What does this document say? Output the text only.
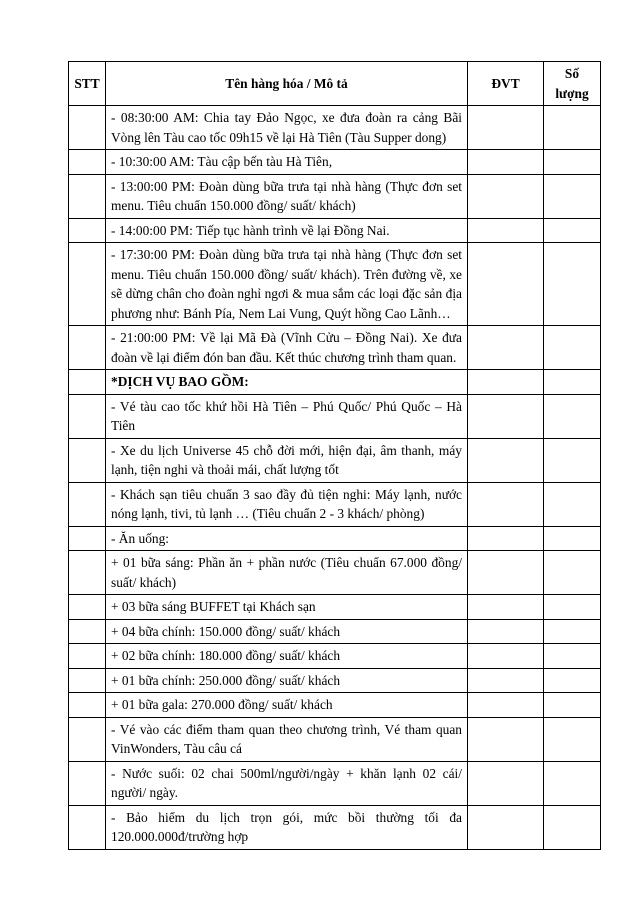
STT	Tên hàng hóa / Mô tả	ĐVT	Số lượng
	- 08:30:00 AM: Chia tay Đảo Ngọc, xe đưa đoàn ra cảng Bãi Vòng lên Tàu cao tốc 09h15 về lại Hà Tiên (Tàu Supper dong)		
	- 10:30:00 AM: Tàu cập bến tàu Hà Tiên,		
	- 13:00:00 PM: Đoàn dùng bữa trưa tại nhà hàng (Thực đơn set menu. Tiêu chuẩn 150.000 đồng/ suất/ khách)		
	- 14:00:00 PM: Tiếp tục hành trình về lại Đồng Nai.		
	- 17:30:00 PM: Đoàn dùng bữa trưa tại nhà hàng (Thực đơn set menu. Tiêu chuẩn 150.000 đồng/ suất/ khách). Trên đường về, xe sẽ dừng chân cho đoàn nghỉ ngơi & mua sắm các loại đặc sản địa phương như: Bánh Pía, Nem Lai Vung, Quýt hồng Cao Lãnh…		
	- 21:00:00 PM: Về lại Mã Đà (Vĩnh Cửu – Đồng Nai). Xe đưa đoàn về lại điểm đón ban đầu. Kết thúc chương trình tham quan.		
	*DỊCH VỤ BAO GỒM:		
	- Vé tàu cao tốc khứ hồi Hà Tiên – Phú Quốc/ Phú Quốc – Hà Tiên		
	- Xe du lịch Universe 45 chỗ đời mới, hiện đại, âm thanh, máy lạnh, tiện nghi và thoải mái, chất lượng tốt		
	- Khách sạn tiêu chuẩn 3 sao đầy đủ tiện nghi: Máy lạnh, nước nóng lạnh, tivi, tủ lạnh … (Tiêu chuẩn 2 - 3 khách/ phòng)		
	- Ăn uống:		
	+ 01 bữa sáng: Phần ăn + phần nước (Tiêu chuẩn 67.000 đồng/ suất/ khách)		
	+ 03 bữa sáng BUFFET tại Khách sạn		
	+ 04 bữa chính: 150.000 đồng/ suất/ khách		
	+ 02 bữa chính: 180.000 đồng/ suất/ khách		
	+ 01 bữa chính: 250.000 đồng/ suất/ khách		
	+ 01 bữa gala: 270.000 đồng/ suất/ khách		
	- Vé vào các điểm tham quan theo chương trình, Vé tham quan VinWonders, Tàu câu cá		
	- Nước suối: 02 chai 500ml/người/ngày + khăn lạnh 02 cái/ người/ ngày.		
	- Bảo hiểm du lịch trọn gói, mức bồi thường tối đa 120.000.000đ/trường hợp		
